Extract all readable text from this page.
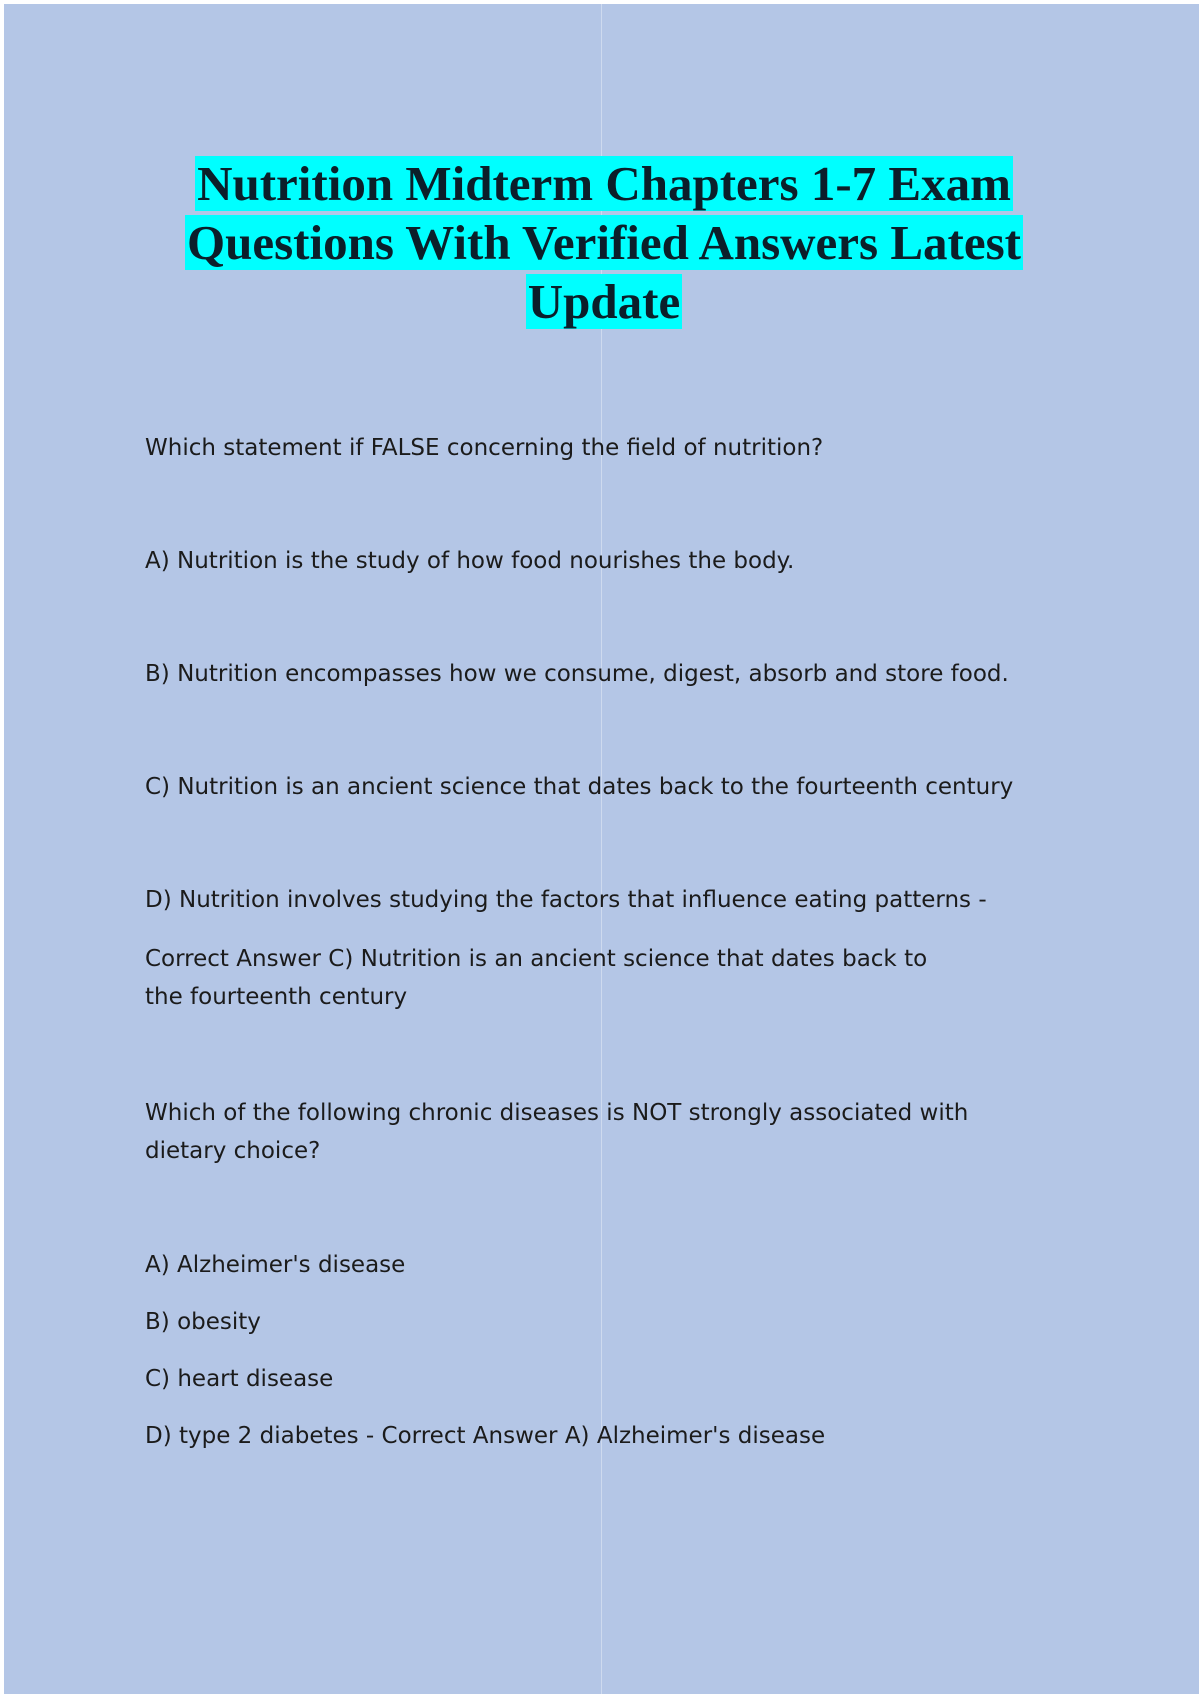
Nutrition Midterm Chapters 1-7 Exam Questions With Verified Answers Latest Update

Which statement if FALSE concerning the field of nutrition?

A) Nutrition is the study of how food nourishes the body.

B) Nutrition encompasses how we consume, digest, absorb and store food.

C) Nutrition is an ancient science that dates back to the fourteenth century

D) Nutrition involves studying the factors that influence eating patterns -

Correct Answer C) Nutrition is an ancient science that dates back to the fourteenth century

Which of the following chronic diseases is NOT strongly associated with dietary choice?

A) Alzheimer's disease

B) obesity

C) heart disease

D) type 2 diabetes - Correct Answer A) Alzheimer's disease
